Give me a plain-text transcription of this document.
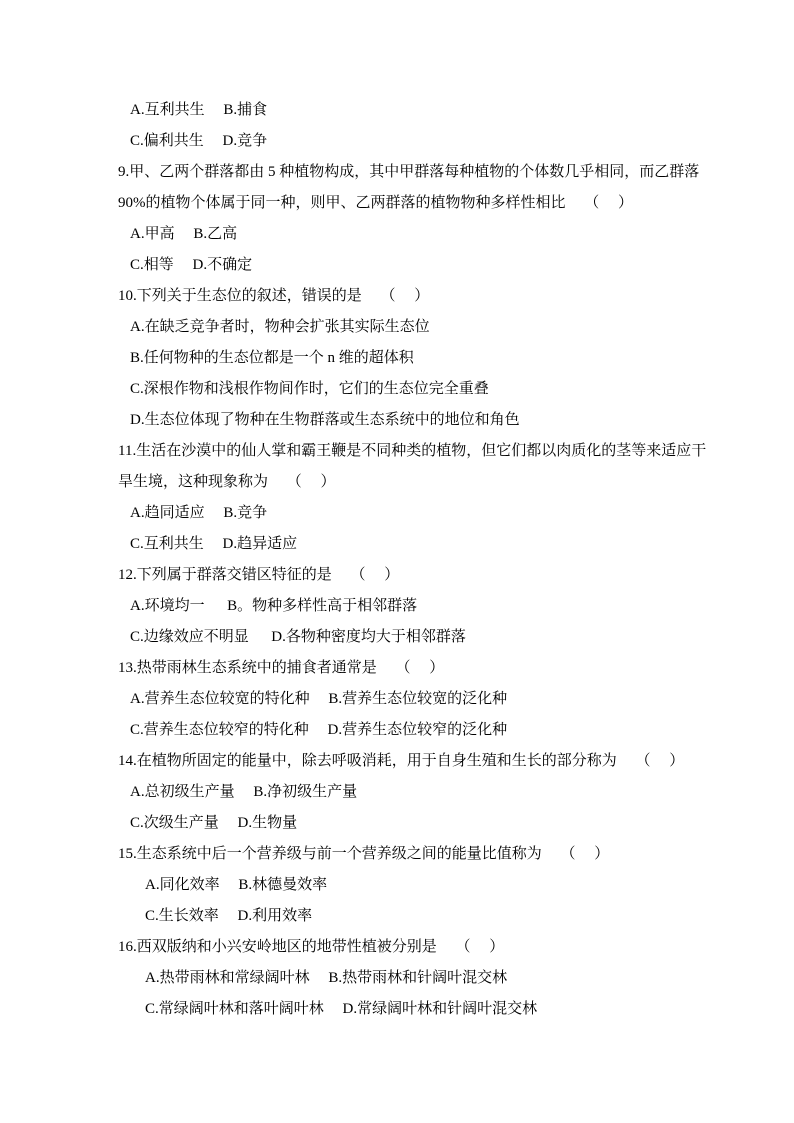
A.互利共生     B.捕食
C.偏利共生     D.竞争
9.甲、乙两个群落都由 5 种植物构成，其中甲群落每种植物的个体数几乎相同，而乙群落
90%的植物个体属于同一种，则甲、乙两群落的植物物种多样性相比     （     ）
A.甲高     B.乙高
C.相等     D.不确定
10.下列关于生态位的叙述，错误的是     （     ）
A.在缺乏竞争者时，物种会扩张其实际生态位
B.任何物种的生态位都是一个 n 维的超体积
C.深根作物和浅根作物间作时，它们的生态位完全重叠
D.生态位体现了物种在生物群落或生态系统中的地位和角色
11.生活在沙漠中的仙人掌和霸王鞭是不同种类的植物，但它们都以肉质化的茎等来适应干
旱生境，这种现象称为     （     ）
A.趋同适应     B.竞争
C.互利共生     D.趋异适应
12.下列属于群落交错区特征的是     （     ）
A.环境均一      B。物种多样性高于相邻群落
C.边缘效应不明显      D.各物种密度均大于相邻群落
13.热带雨林生态系统中的捕食者通常是     （     ）
A.营养生态位较宽的特化种     B.营养生态位较宽的泛化种
C.营养生态位较窄的特化种     D.营养生态位较窄的泛化种
14.在植物所固定的能量中，除去呼吸消耗，用于自身生殖和生长的部分称为     （     ）
A.总初级生产量     B.净初级生产量
C.次级生产量     D.生物量
15.生态系统中后一个营养级与前一个营养级之间的能量比值称为     （     ）
A.同化效率     B.林德曼效率
C.生长效率     D.利用效率
16.西双版纳和小兴安岭地区的地带性植被分别是     （     ）
A.热带雨林和常绿阔叶林     B.热带雨林和针阔叶混交林
C.常绿阔叶林和落叶阔叶林     D.常绿阔叶林和针阔叶混交林
